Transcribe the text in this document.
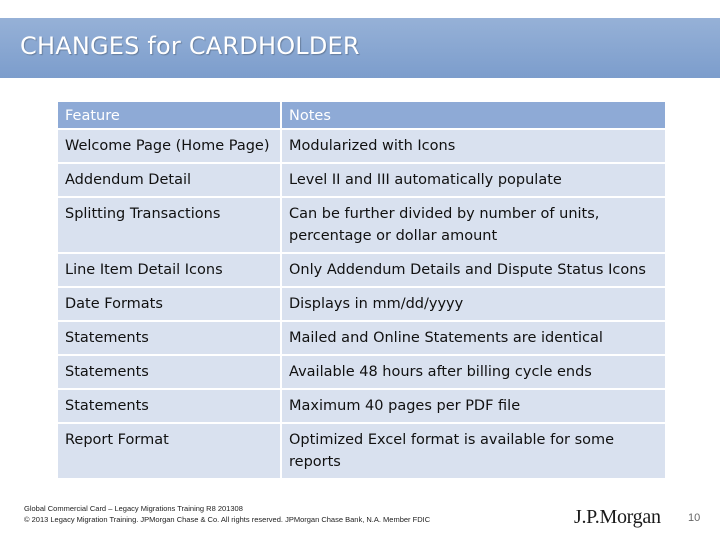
CHANGES for CARDHOLDER
Feature	Notes
Welcome Page (Home Page)	Modularized with Icons
Addendum Detail	Level II and III automatically populate
Splitting Transactions	Can be further divided by number of units, percentage or dollar amount
Line Item Detail Icons	Only Addendum Details and Dispute Status Icons
Date Formats	Displays in mm/dd/yyyy
Statements	Mailed and Online Statements are identical
Statements	Available 48 hours after billing cycle ends
Statements	Maximum 40 pages per PDF file
Report Format	Optimized Excel format is available for some reports
Global Commercial Card – Legacy Migrations Training R8 201308
© 2013 Legacy Migration Training. JPMorgan Chase & Co. All rights reserved. JPMorgan Chase Bank, N.A. Member FDIC	J.P.Morgan 10
